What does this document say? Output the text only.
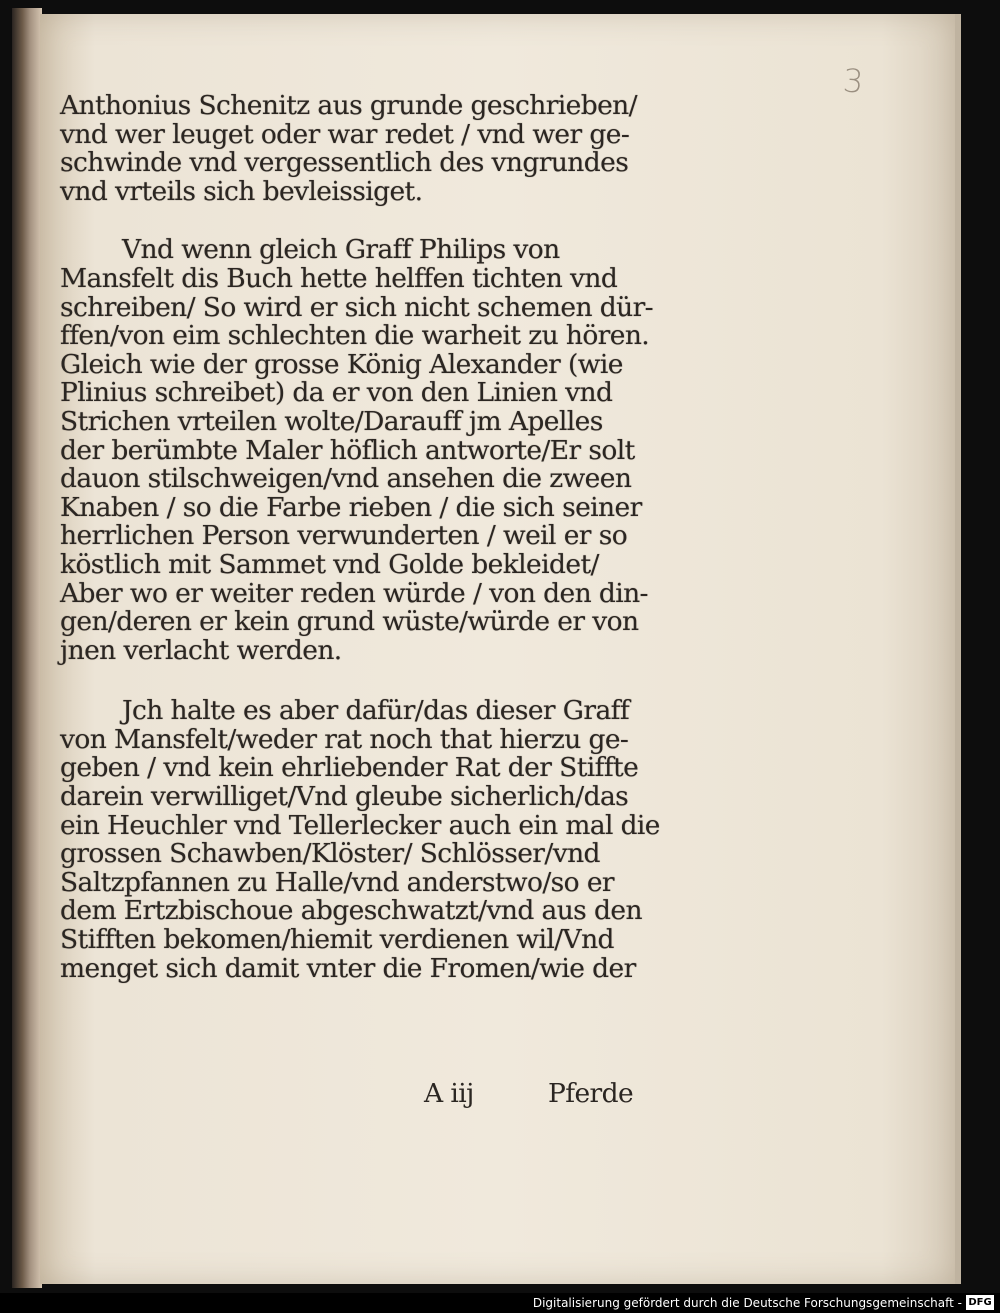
3
Anthonius Schenitz aus grunde geschrieben/
vnd wer leuget oder war redet / vnd wer ge-
schwinde vnd vergessentlich des vngrundes
vnd vrteils sich bevleissiget.
Vnd wenn gleich Graff Philips von
Mansfelt dis Buch hette helffen tichten vnd
schreiben/ So wird er sich nicht schemen dür-
ffen/von eim schlechten die warheit zu hören.
Gleich wie der grosse König Alexander (wie
Plinius schreibet) da er von den Linien vnd
Strichen vrteilen wolte/Darauff jm Apelles
der berümbte Maler höflich antworte/Er solt
dauon stilschweigen/vnd ansehen die zween
Knaben / so die Farbe rieben / die sich seiner
herrlichen Person verwunderten / weil er so
köstlich mit Sammet vnd Golde bekleidet/
Aber wo er weiter reden würde / von den din-
gen/deren er kein grund wüste/würde er von
jnen verlacht werden.
Jch halte es aber dafür/das dieser Graff
von Mansfelt/weder rat noch that hierzu ge-
geben / vnd kein ehrliebender Rat der Stiffte
darein verwilliget/Vnd gleube sicherlich/das
ein Heuchler vnd Tellerlecker auch ein mal die
grossen Schawben/Klöster/ Schlösser/vnd
Saltzpfannen zu Halle/vnd anderstwo/so er
dem Ertzbischoue abgeschwatzt/vnd aus den
Stifften bekomen/hiemit verdienen wil/Vnd
menget sich damit vnter die Fromen/wie der
A iij	Pferde
Digitalisierung gefördert durch die Deutsche Forschungsgemeinschaft - DFG
